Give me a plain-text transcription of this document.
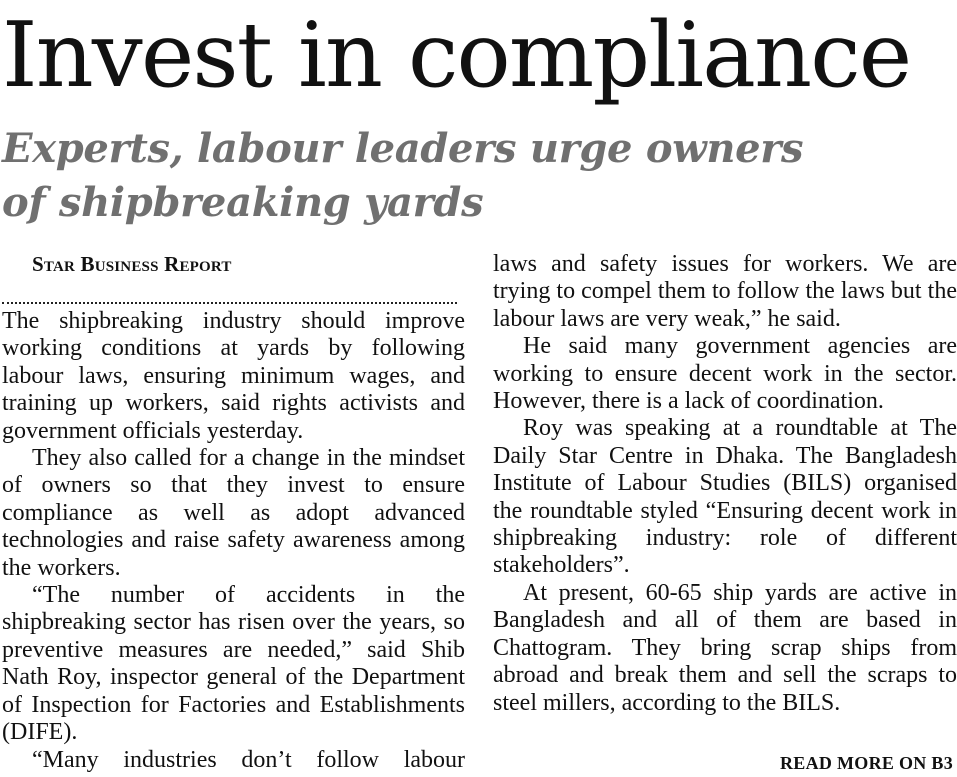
Invest in compliance
Experts, labour leaders urge owners
of shipbreaking yards

Star Business Report

The shipbreaking industry should improve working conditions at yards by following labour laws, ensuring minimum wages, and training up workers, said rights activists and government officials yesterday.

They also called for a change in the mindset of owners so that they invest to ensure compliance as well as adopt advanced technologies and raise safety awareness among the workers.

“The number of accidents in the shipbreaking sector has risen over the years, so preventive measures are needed,” said Shib Nath Roy, inspector general of the Department of Inspection for Factories and Establishments (DIFE).

“Many industries don’t follow labour

laws and safety issues for workers. We are trying to compel them to follow the laws but the labour laws are very weak,” he said.

He said many government agencies are working to ensure decent work in the sector. However, there is a lack of coordination.

Roy was speaking at a roundtable at The Daily Star Centre in Dhaka. The Bangladesh Institute of Labour Studies (BILS) organised the roundtable styled “Ensuring decent work in shipbreaking industry: role of different stakeholders”.

At present, 60-65 ship yards are active in Bangladesh and all of them are based in Chattogram. They bring scrap ships from abroad and break them and sell the scraps to steel millers, according to the BILS.

READ MORE ON B3
